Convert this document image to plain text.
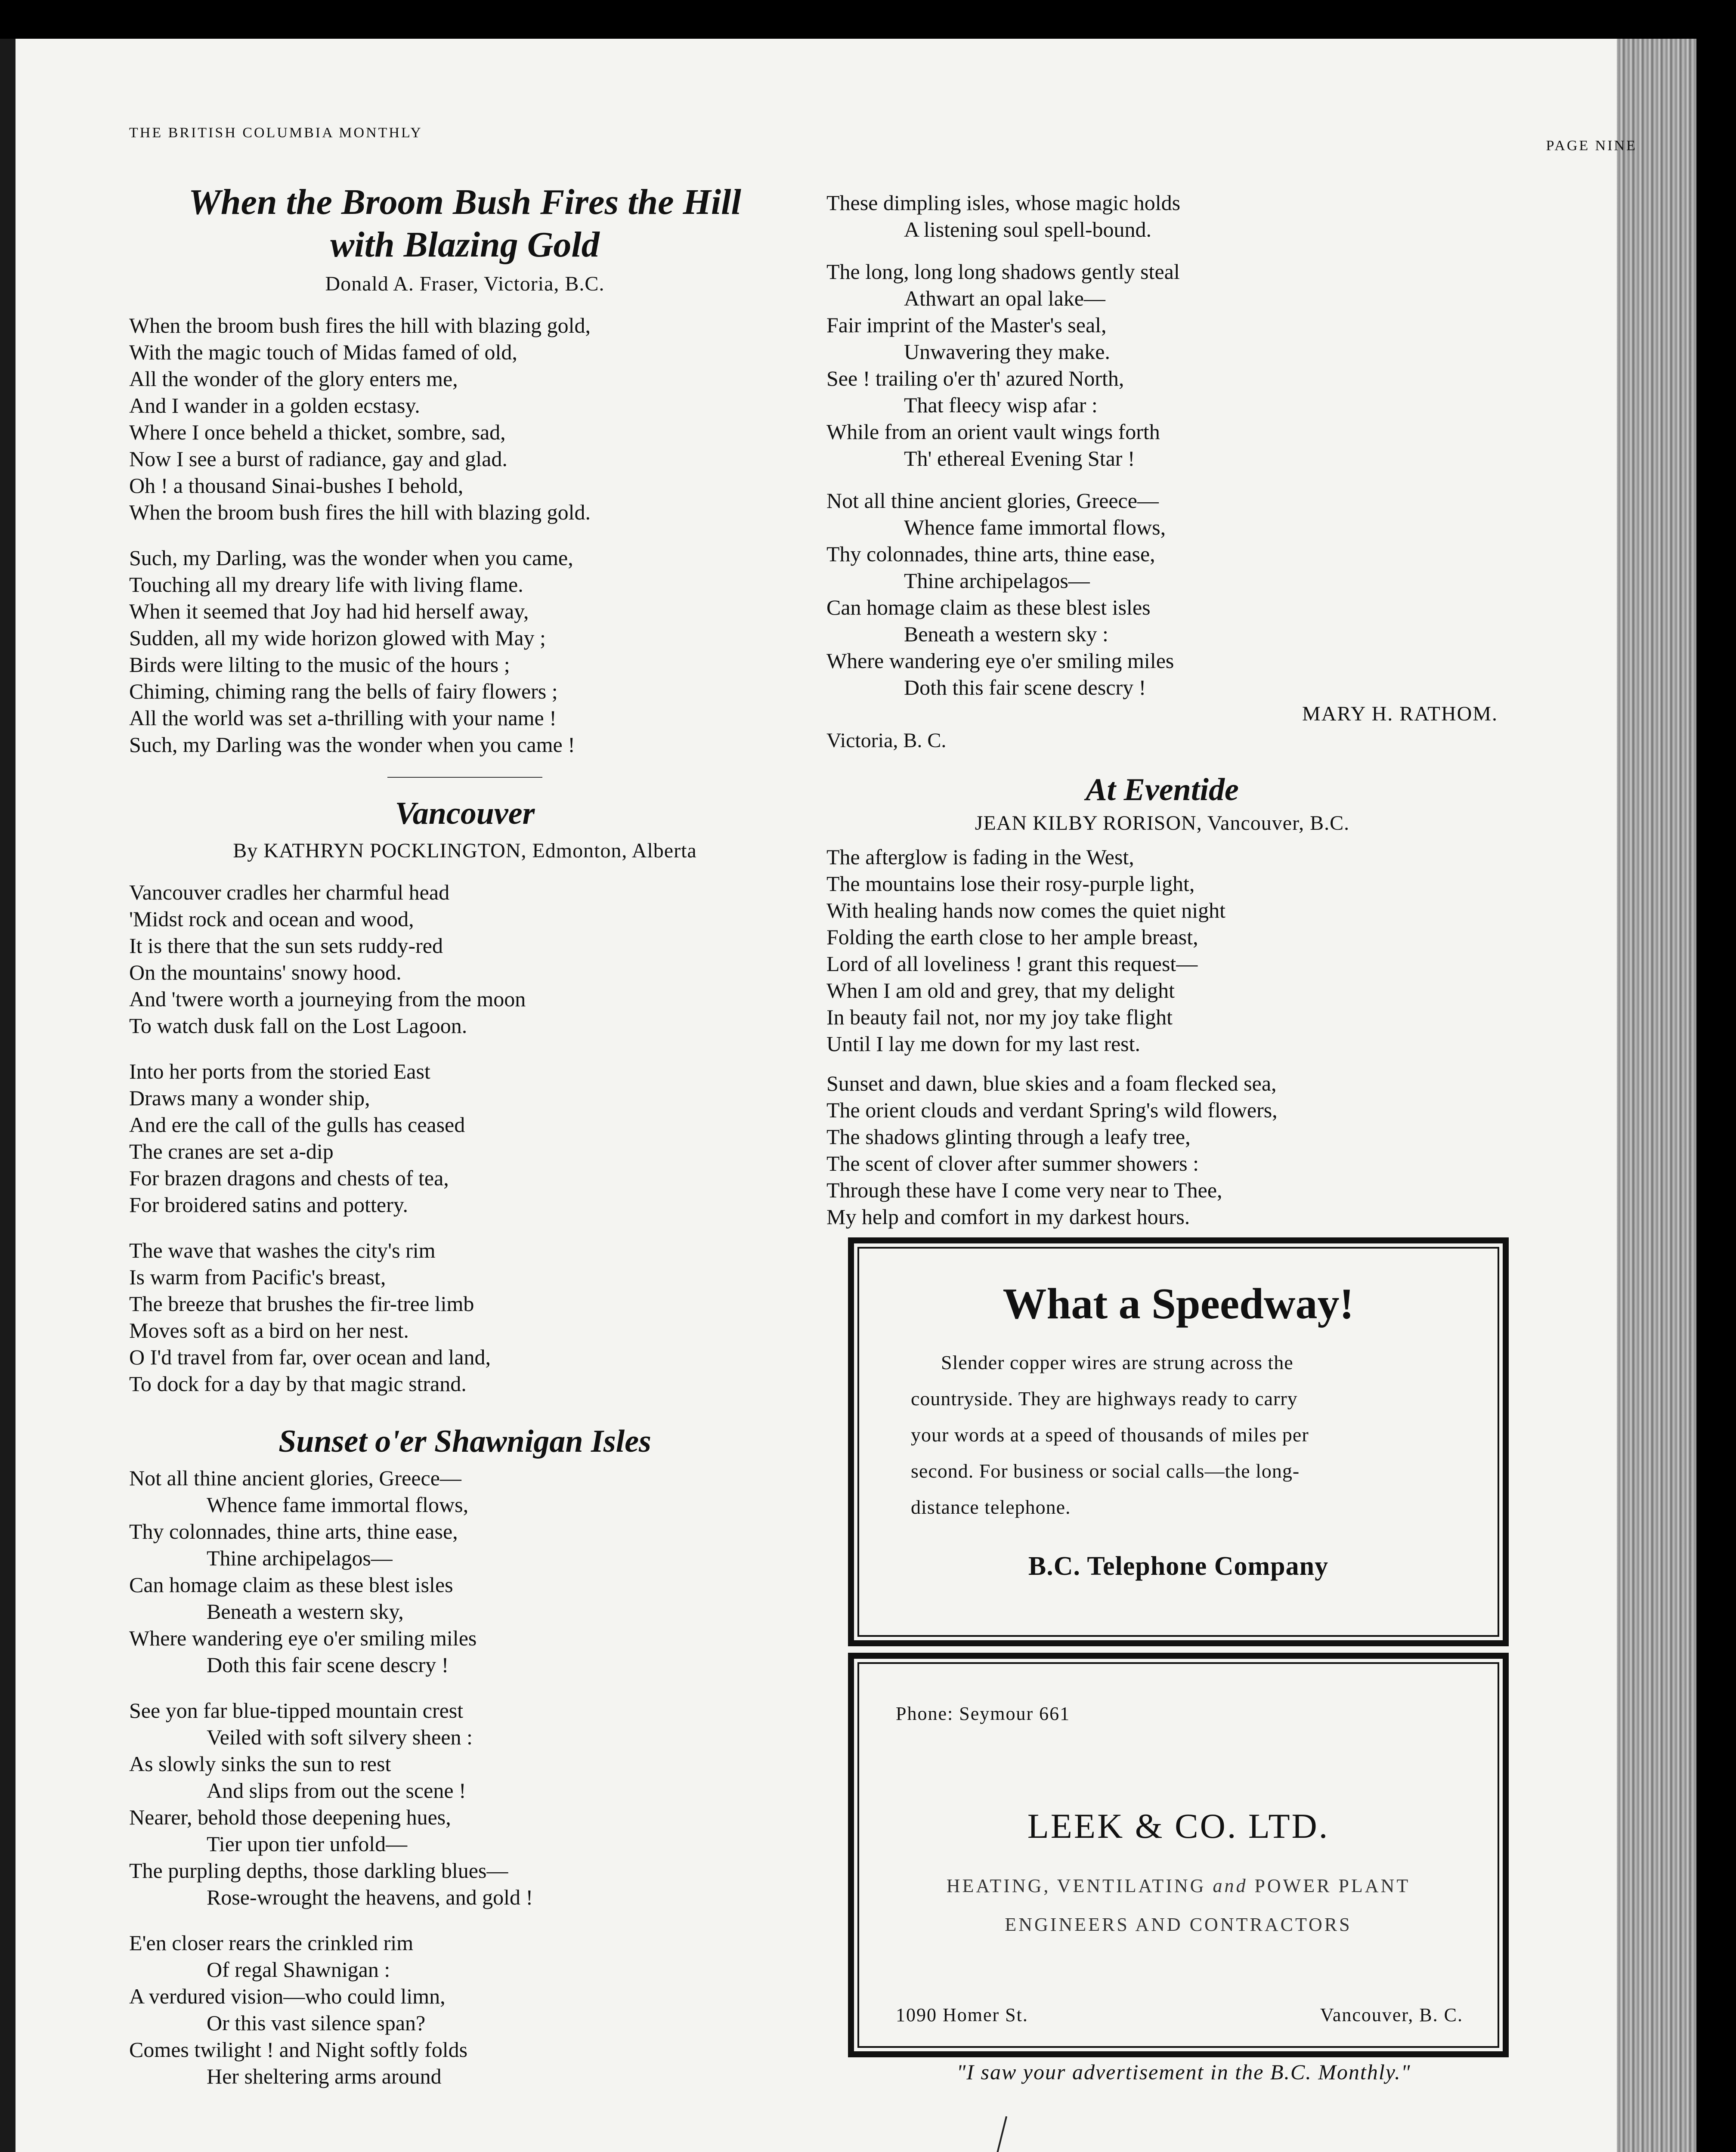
THE BRITISH COLUMBIA MONTHLY
PAGE NINE
When the Broom Bush Fires the Hill
with Blazing Gold
Donald A. Fraser, Victoria, B.C.
When the broom bush fires the hill with blazing gold,
With the magic touch of Midas famed of old,
All the wonder of the glory enters me,
And I wander in a golden ecstasy.
Where I once beheld a thicket, sombre, sad,
Now I see a burst of radiance, gay and glad.
Oh ! a thousand Sinai-bushes I behold,
When the broom bush fires the hill with blazing gold.
Such, my Darling, was the wonder when you came,
Touching all my dreary life with living flame.
When it seemed that Joy had hid herself away,
Sudden, all my wide horizon glowed with May ;
Birds were lilting to the music of the hours ;
Chiming, chiming rang the bells of fairy flowers ;
All the world was set a-thrilling with your name !
Such, my Darling was the wonder when you came !
Vancouver
By KATHRYN POCKLINGTON, Edmonton, Alberta
Vancouver cradles her charmful head
'Midst rock and ocean and wood,
It is there that the sun sets ruddy-red
On the mountains' snowy hood.
And 'twere worth a journeying from the moon
To watch dusk fall on the Lost Lagoon.
Into her ports from the storied East
Draws many a wonder ship,
And ere the call of the gulls has ceased
The cranes are set a-dip
For brazen dragons and chests of tea,
For broidered satins and pottery.
The wave that washes the city's rim
Is warm from Pacific's breast,
The breeze that brushes the fir-tree limb
Moves soft as a bird on her nest.
O I'd travel from far, over ocean and land,
To dock for a day by that magic strand.
Sunset o'er Shawnigan Isles
Not all thine ancient glories, Greece—
Whence fame immortal flows,
Thy colonnades, thine arts, thine ease,
Thine archipelagos—
Can homage claim as these blest isles
Beneath a western sky,
Where wandering eye o'er smiling miles
Doth this fair scene descry !
See yon far blue-tipped mountain crest
Veiled with soft silvery sheen :
As slowly sinks the sun to rest
And slips from out the scene !
Nearer, behold those deepening hues,
Tier upon tier unfold—
The purpling depths, those darkling blues—
Rose-wrought the heavens, and gold !
E'en closer rears the crinkled rim
Of regal Shawnigan :
A verdured vision—who could limn,
Or this vast silence span?
Comes twilight ! and Night softly folds
Her sheltering arms around
These dimpling isles, whose magic holds
A listening soul spell-bound.
The long, long long shadows gently steal
Athwart an opal lake—
Fair imprint of the Master's seal,
Unwavering they make.
See ! trailing o'er th' azured North,
That fleecy wisp afar :
While from an orient vault wings forth
Th' ethereal Evening Star !
Not all thine ancient glories, Greece—
Whence fame immortal flows,
Thy colonnades, thine arts, thine ease,
Thine archipelagos—
Can homage claim as these blest isles
Beneath a western sky :
Where wandering eye o'er smiling miles
Doth this fair scene descry !
MARY H. RATHOM.
Victoria, B. C.
At Eventide
JEAN KILBY RORISON, Vancouver, B.C.
The afterglow is fading in the West,
The mountains lose their rosy-purple light,
With healing hands now comes the quiet night
Folding the earth close to her ample breast,
Lord of all loveliness ! grant this request—
When I am old and grey, that my delight
In beauty fail not, nor my joy take flight
Until I lay me down for my last rest.
Sunset and dawn, blue skies and a foam flecked sea,
The orient clouds and verdant Spring's wild flowers,
The shadows glinting through a leafy tree,
The scent of clover after summer showers :
Through these have I come very near to Thee,
My help and comfort in my darkest hours.
What a Speedway!
Slender copper wires are strung across the
countryside. They are highways ready to carry
your words at a speed of thousands of miles per
second. For business or social calls—the long-
distance telephone.
B.C. Telephone Company
Phone: Seymour 661
LEEK & CO. LTD.
HEATING, VENTILATING and POWER PLANT
ENGINEERS AND CONTRACTORS
1090 Homer St.	Vancouver, B. C.
"I saw your advertisement in the B.C. Monthly."
